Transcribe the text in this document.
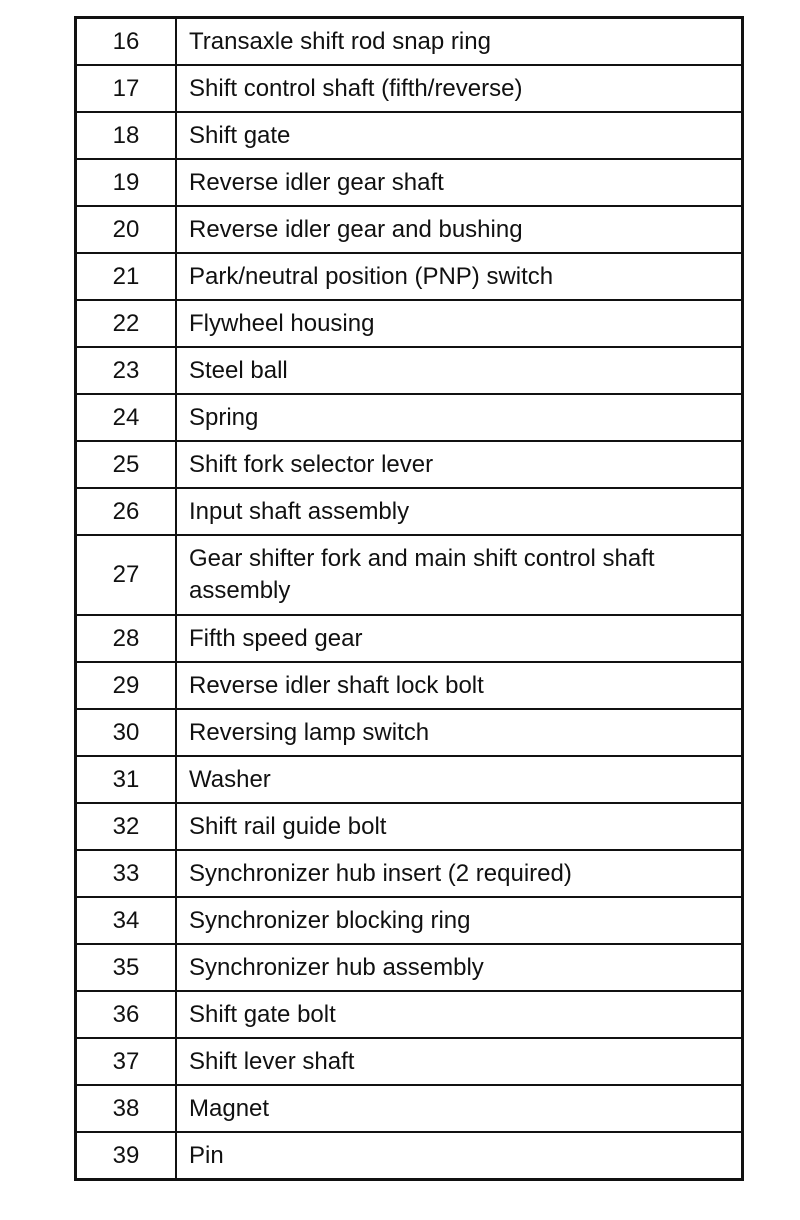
16	Transaxle shift rod snap ring
17	Shift control shaft (fifth/reverse)
18	Shift gate
19	Reverse idler gear shaft
20	Reverse idler gear and bushing
21	Park/neutral position (PNP) switch
22	Flywheel housing
23	Steel ball
24	Spring
25	Shift fork selector lever
26	Input shaft assembly
27	Gear shifter fork and main shift control shaft assembly
28	Fifth speed gear
29	Reverse idler shaft lock bolt
30	Reversing lamp switch
31	Washer
32	Shift rail guide bolt
33	Synchronizer hub insert (2 required)
34	Synchronizer blocking ring
35	Synchronizer hub assembly
36	Shift gate bolt
37	Shift lever shaft
38	Magnet
39	Pin
